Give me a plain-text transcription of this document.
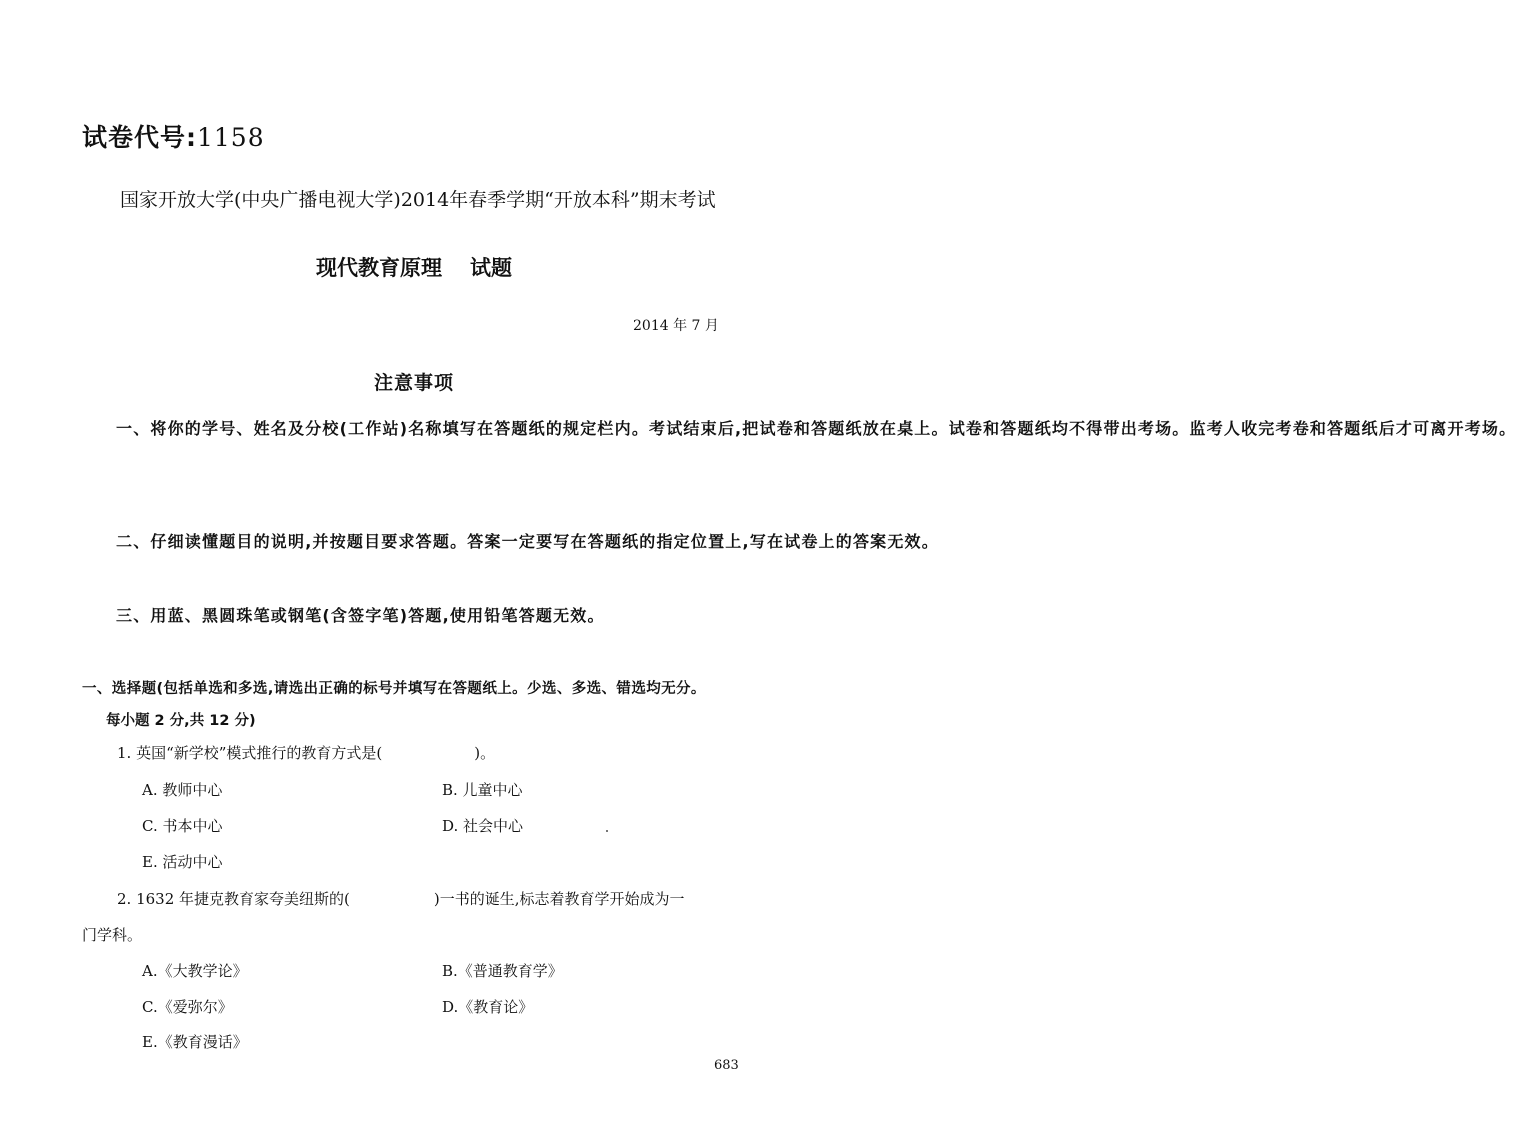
试卷代号:1158
国家开放大学(中央广播电视大学)2014年春季学期“开放本科”期末考试
现代教育原理 试题
2014 年 7 月
注意事项
一、将你的学号、姓名及分校(工作站)名称填写在答题纸的规定栏内。考试结束后,把试卷和答题纸放在桌上。试卷和答题纸均不得带出考场。监考人收完考卷和答题纸后才可离开考场。
二、仔细读懂题目的说明,并按题目要求答题。答案一定要写在答题纸的指定位置上,写在试卷上的答案无效。
三、用蓝、黑圆珠笔或钢笔(含签字笔)答题,使用铅笔答题无效。
一、选择题(包括单选和多选,请选出正确的标号并填写在答题纸上。少选、多选、错选均无分。
每小题 2 分,共 12 分)
1. 英国“新学校”模式推行的教育方式是(	)。
A. 教师中心	B. 儿童中心
C. 书本中心	D. 社会中心
E. 活动中心
2. 1632 年捷克教育家夸美纽斯的(	)一书的诞生,标志着教育学开始成为一
门学科。
A.《大教学论》	B.《普通教育学》
C.《爱弥尔》	D.《教育论》
E.《教育漫话》
683
